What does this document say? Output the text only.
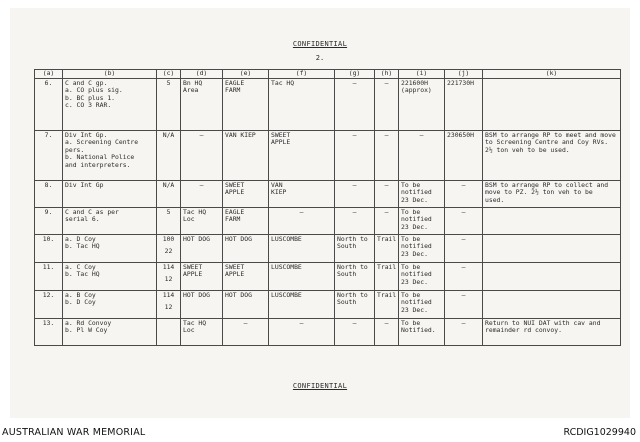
CONFIDENTIAL
2.
(a)	(b)	(c)	(d)	(e)	(f)	(g)	(h)	(i)	(j)	(k)

6.	C and C gp.
a. CO plus sig.
b. BC plus 1.
c. CO 3 RAR.	5	Bn HQ
Area	EAGLE
FARM	Tac HQ	–	–	221600H
(approx)	221730H	

7.	Div Int Gp.
a. Screening Centre
pers.
b. National Police
and interpreters.	N/A	–	VAN KIEP	SWEET
APPLE	–	–	–	230650H	BSM to arrange RP to meet and move
to Screening Centre and Coy RVs.
2½ ton veh to be used.

8.	Div Int Gp	N/A	–	SWEET
APPLE	VAN
KIEP	–	–	To be
notified
23 Dec.	–	BSM to arrange RP to collect and
move to PZ. 2½ ton veh to be
used.

9.	C and C as per
serial 6.	5	Tac HQ
Loc	EAGLE
FARM	–	–	–	To be
notified
23 Dec.	–	

10.	a. D Coy
b. Tac HQ	100
22	HOT DOG	HOT DOG	LUSCOMBE	North to
South	Trail	To be
notified
23 Dec.	–	

11.	a. C Coy
b. Tac HQ	114
12	SWEET
APPLE	SWEET
APPLE	LUSCOMBE	North to
South	Trail	To be
notified
23 Dec.	–	

12.	a. B Coy
b. D Coy	114
12	HOT DOG	HOT DOG	LUSCOMBE	North to
South	Trail	To be
notified
23 Dec.	–	

13.	a. Rd Convoy
b. Pl W Coy		Tac HQ
Loc	–	–	–	–	To be
Notified.	–	Return to NUI DAT with cav and
remainder rd convoy.
CONFIDENTIAL
AUSTRALIAN WAR MEMORIAL	RCDIG1029940
